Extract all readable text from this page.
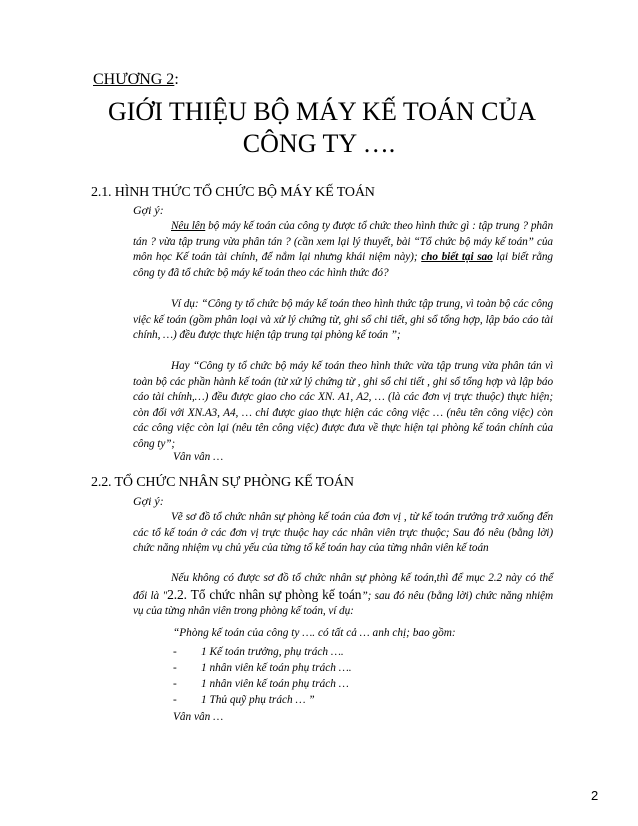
CHƯƠNG 2:
GIỚI THIỆU BỘ MÁY KẾ TOÁN CỦA
CÔNG TY ….
2.1. HÌNH THỨC TỔ CHỨC BỘ MÁY KẾ TOÁN
Gợi ý:
Nêu lên bộ máy kế toán của công ty được tổ chức theo hình thức gì : tập trung ? phân tán ? vừa tập trung vừa phân tán ? (cần xem lại lý thuyết, bài “Tổ chức bộ máy kế toán” của môn học Kế toán tài chính, để nắm lại nhưng khái niệm này); cho biết tại sao lại biết rằng công ty đã tổ chức bộ máy kế toán theo các hình thức đó?
Ví dụ: “Công ty tổ chức bộ máy kế toán theo hình thức tập trung, vì toàn bộ các công việc kế toán (gồm phân loại và xử lý chứng từ, ghi sổ chi tiết, ghi sổ tổng hợp, lập báo cáo tài chính, …) đều được thực hiện tập trung tại phòng kế toán ”;
Hay “Công ty tổ chức bộ máy kế toán theo hình thức vừa tập trung vừa phân tán vì toàn bộ các phần hành kế toán (từ xử lý chứng từ , ghi sổ chi tiết , ghi sổ tổng hợp và lập báo cáo tài chính,…) đều được giao cho các XN. A1, A2, … (là các đơn vị trực thuộc) thực hiện; còn đối với XN.A3, A4, … chỉ được giao thực hiện các công việc … (nêu tên công việc) còn các công việc còn lại (nêu tên công việc) được đưa về thực hiện tại phòng kế toán chính của công ty”;
Vân vân …
2.2. TỔ CHỨC NHÂN SỰ PHÒNG KẾ TOÁN
Gợi ý:
Vẽ sơ đồ tổ chức nhân sự phòng kế toán của đơn vị , từ kế toán trưởng trở xuống đến các tổ kế toán ở các đơn vị trực thuộc hay các nhân viên trực thuộc; Sau đó nêu (bằng lời) chức năng nhiệm vụ chủ yếu của từng tổ kế toán hay của từng nhân viên kế toán
Nếu không có được sơ đồ tổ chức nhân sự phòng kế toán,thì để mục 2.2 này có thể đổi là "2.2. Tổ chức nhân sự phòng kế toán”; sau đó nêu (bằng lời) chức năng nhiệm vụ của từng nhân viên trong phòng kế toán, ví dụ:
“Phòng kế toán của công ty …. có tất cả … anh chị; bao gồm:
- 1 Kế toán trưởng, phụ trách ….
- 1 nhân viên kế toán phụ trách ….
- 1 nhân viên kế toán phụ trách …
- 1 Thủ quỹ phụ trách … ”
Vân vân …
2
